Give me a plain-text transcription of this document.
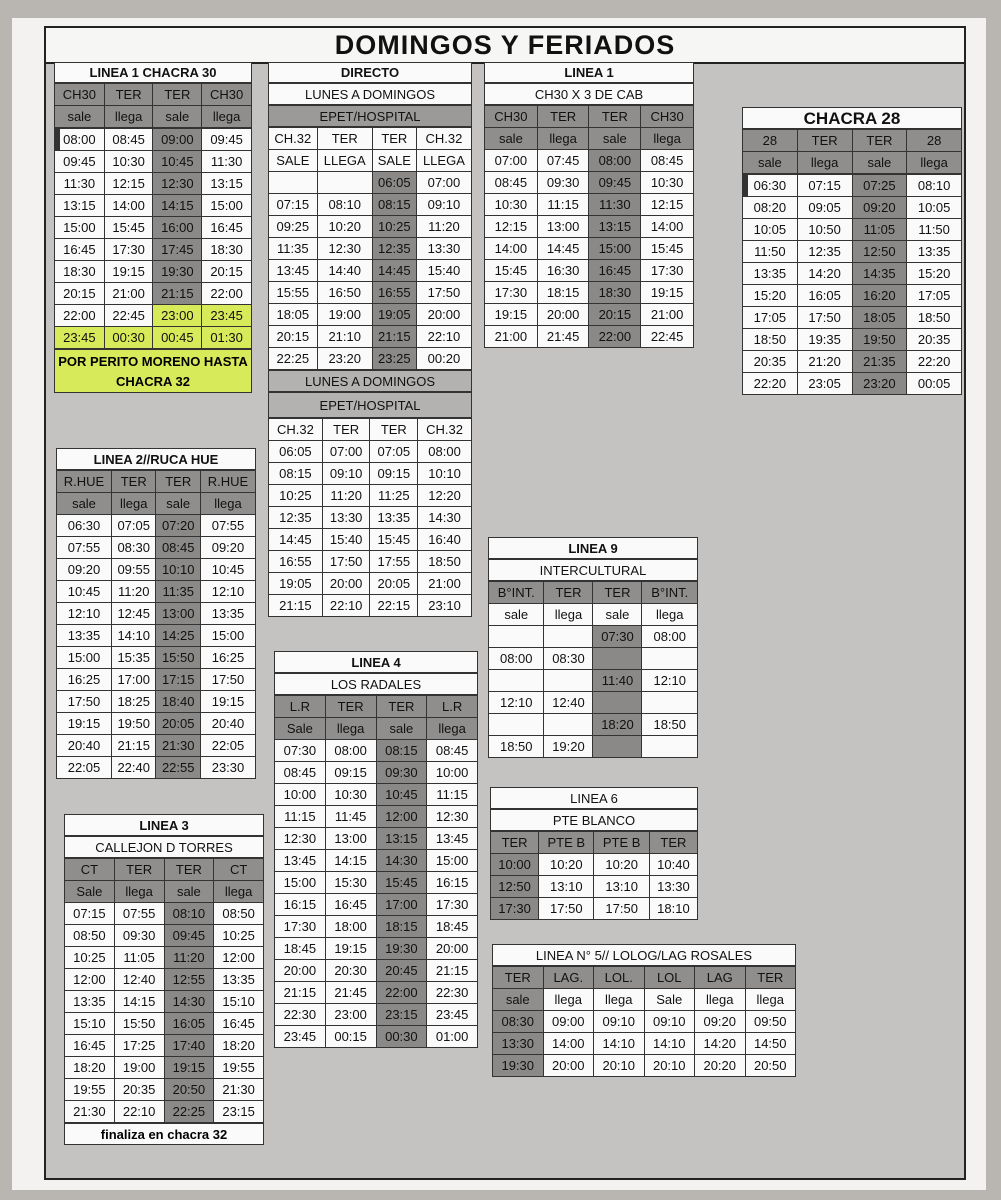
DOMINGOS Y FERIADOS
LINEA 1 CHACRA 30
CH30	TER	TER	CH30
sale	llega	sale	llega

08:00	08:45	09:00	09:45
09:45	10:30	10:45	11:30
11:30	12:15	12:30	13:15
13:15	14:00	14:15	15:00
15:00	15:45	16:00	16:45
16:45	17:30	17:45	18:30
18:30	19:15	19:30	20:15
20:15	21:00	21:15	22:00
22:00	22:45	23:00	23:45
23:45	00:30	00:45	01:30
POR PERITO MORENO HASTA CHACRA 32
DIRECTO
LUNES A DOMINGOS
EPET/HOSPITAL
CH.32	TER	TER	CH.32
SALE	LLEGA	SALE	LLEGA
		06:05	07:00
07:15	08:10	08:15	09:10
09:25	10:20	10:25	11:20
11:35	12:30	12:35	13:30
13:45	14:40	14:45	15:40
15:55	16:50	16:55	17:50
18:05	19:00	19:05	20:00
20:15	21:10	21:15	22:10
22:25	23:20	23:25	00:20
LUNES A DOMINGOS
EPET/HOSPITAL
CH.32	TER	TER	CH.32
06:05	07:00	07:05	08:00
08:15	09:10	09:15	10:10
10:25	11:20	11:25	12:20
12:35	13:30	13:35	14:30
14:45	15:40	15:45	16:40
16:55	17:50	17:55	18:50
19:05	20:00	20:05	21:00
21:15	22:10	22:15	23:10
LINEA 1
CH30 X 3 DE CAB
CH30	TER	TER	CH30
sale	llega	sale	llega
07:00	07:45	08:00	08:45
08:45	09:30	09:45	10:30
10:30	11:15	11:30	12:15
12:15	13:00	13:15	14:00
14:00	14:45	15:00	15:45
15:45	16:30	16:45	17:30
17:30	18:15	18:30	19:15
19:15	20:00	20:15	21:00
21:00	21:45	22:00	22:45
CHACRA 28
28	TER	TER	28
sale	llega	sale	llega

06:30	07:15	07:25	08:10
08:20	09:05	09:20	10:05
10:05	10:50	11:05	11:50
11:50	12:35	12:50	13:35
13:35	14:20	14:35	15:20
15:20	16:05	16:20	17:05
17:05	17:50	18:05	18:50
18:50	19:35	19:50	20:35
20:35	21:20	21:35	22:20
22:20	23:05	23:20	00:05
LINEA 2//RUCA HUE
R.HUE	TER	TER	R.HUE
sale	llega	sale	llega
06:30	07:05	07:20	07:55
07:55	08:30	08:45	09:20
09:20	09:55	10:10	10:45
10:45	11:20	11:35	12:10
12:10	12:45	13:00	13:35
13:35	14:10	14:25	15:00
15:00	15:35	15:50	16:25
16:25	17:00	17:15	17:50
17:50	18:25	18:40	19:15
19:15	19:50	20:05	20:40
20:40	21:15	21:30	22:05
22:05	22:40	22:55	23:30
LINEA 9
INTERCULTURAL
B°INT.	TER	TER	B°INT.
sale	llega	sale	llega
		07:30	08:00
08:00	08:30		
		11:40	12:10
12:10	12:40		
		18:20	18:50
18:50	19:20		
LINEA 4
LOS RADALES
L.R	TER	TER	L.R
Sale	llega	sale	llega
07:30	08:00	08:15	08:45
08:45	09:15	09:30	10:00
10:00	10:30	10:45	11:15
11:15	11:45	12:00	12:30
12:30	13:00	13:15	13:45
13:45	14:15	14:30	15:00
15:00	15:30	15:45	16:15
16:15	16:45	17:00	17:30
17:30	18:00	18:15	18:45
18:45	19:15	19:30	20:00
20:00	20:30	20:45	21:15
21:15	21:45	22:00	22:30
22:30	23:00	23:15	23:45
23:45	00:15	00:30	01:00
LINEA 3
CALLEJON D TORRES
CT	TER	TER	CT
Sale	llega	sale	llega
07:15	07:55	08:10	08:50
08:50	09:30	09:45	10:25
10:25	11:05	11:20	12:00
12:00	12:40	12:55	13:35
13:35	14:15	14:30	15:10
15:10	15:50	16:05	16:45
16:45	17:25	17:40	18:20
18:20	19:00	19:15	19:55
19:55	20:35	20:50	21:30
21:30	22:10	22:25	23:15
finaliza en chacra 32
LINEA 6
PTE BLANCO
TER	PTE B	PTE B	TER
10:00	10:20	10:20	10:40
12:50	13:10	13:10	13:30
17:30	17:50	17:50	18:10
LINEA N° 5// LOLOG/LAG ROSALES
TER	LAG.	LOL.	LOL	LAG	TER
sale	llega	llega	Sale	llega	llega
08:30	09:00	09:10	09:10	09:20	09:50
13:30	14:00	14:10	14:10	14:20	14:50
19:30	20:00	20:10	20:10	20:20	20:50
